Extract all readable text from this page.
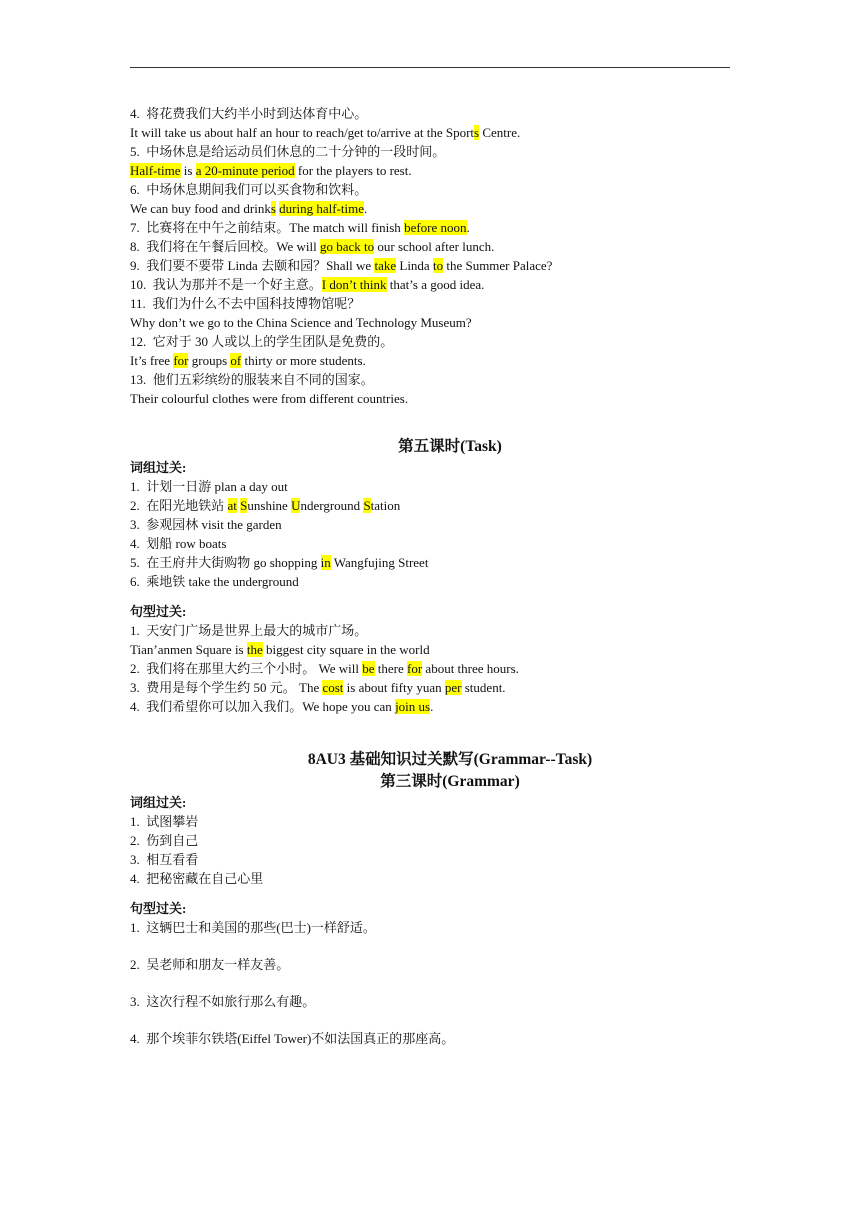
4. 将花费我们大约半小时到达体育中心。
It will take us about half an hour to reach/get to/arrive at the Sports Centre.
5. 中场休息是给运动员们休息的二十分钟的一段时间。
Half-time is a 20-minute period for the players to rest.
6. 中场休息期间我们可以买食物和饮料。
We can buy food and drinks during half-time.
7. 比赛将在中午之前结束。The match will finish before noon.
8. 我们将在午餐后回校。We will go back to our school after lunch.
9. 我们要不要带 Linda 去颐和园？Shall we take Linda to the Summer Palace?
10. 我认为那并不是一个好主意。I don’t think that’s a good idea.
11. 我们为什么不去中国科技博物馆呢？
Why don’t we go to the China Science and Technology Museum?
12. 它对于 30 人或以上的学生团队是免费的。
It’s free for groups of thirty or more students.
13. 他们五彩缤纷的服装来自不同的国家。
Their colourful clothes were from different countries.
第五课时(Task)
词组过关:
1. 计划一日游 plan a day out
2. 在阳光地铁站 at Sunshine Underground Station
3. 参观园林 visit the garden
4. 划船 row boats
5. 在王府井大街购物 go shopping in Wangfujing Street
6. 乘地铁 take the underground
句型过关:
1. 天安门广场是世界上最大的城市广场。
Tian’anmen Square is the biggest city square in the world
2. 我们将在那里大约三个小时。 We will be there for about three hours.
3. 费用是每个学生约 50 元。 The cost is about fifty yuan per student.
4. 我们希望你可以加入我们。We hope you can join us.
8AU3 基础知识过关默写(Grammar--Task)
第三课时(Grammar)
词组过关:
1. 试图攀岩
2. 伤到自己
3. 相互看看
4. 把秘密藏在自己心里
句型过关:
1. 这辆巴士和美国的那些(巴士)一样舒适。
2. 吴老师和朋友一样友善。
3. 这次行程不如旅行那么有趣。
4. 那个埃菲尔铁塔(Eiffel Tower)不如法国真正的那座高。
